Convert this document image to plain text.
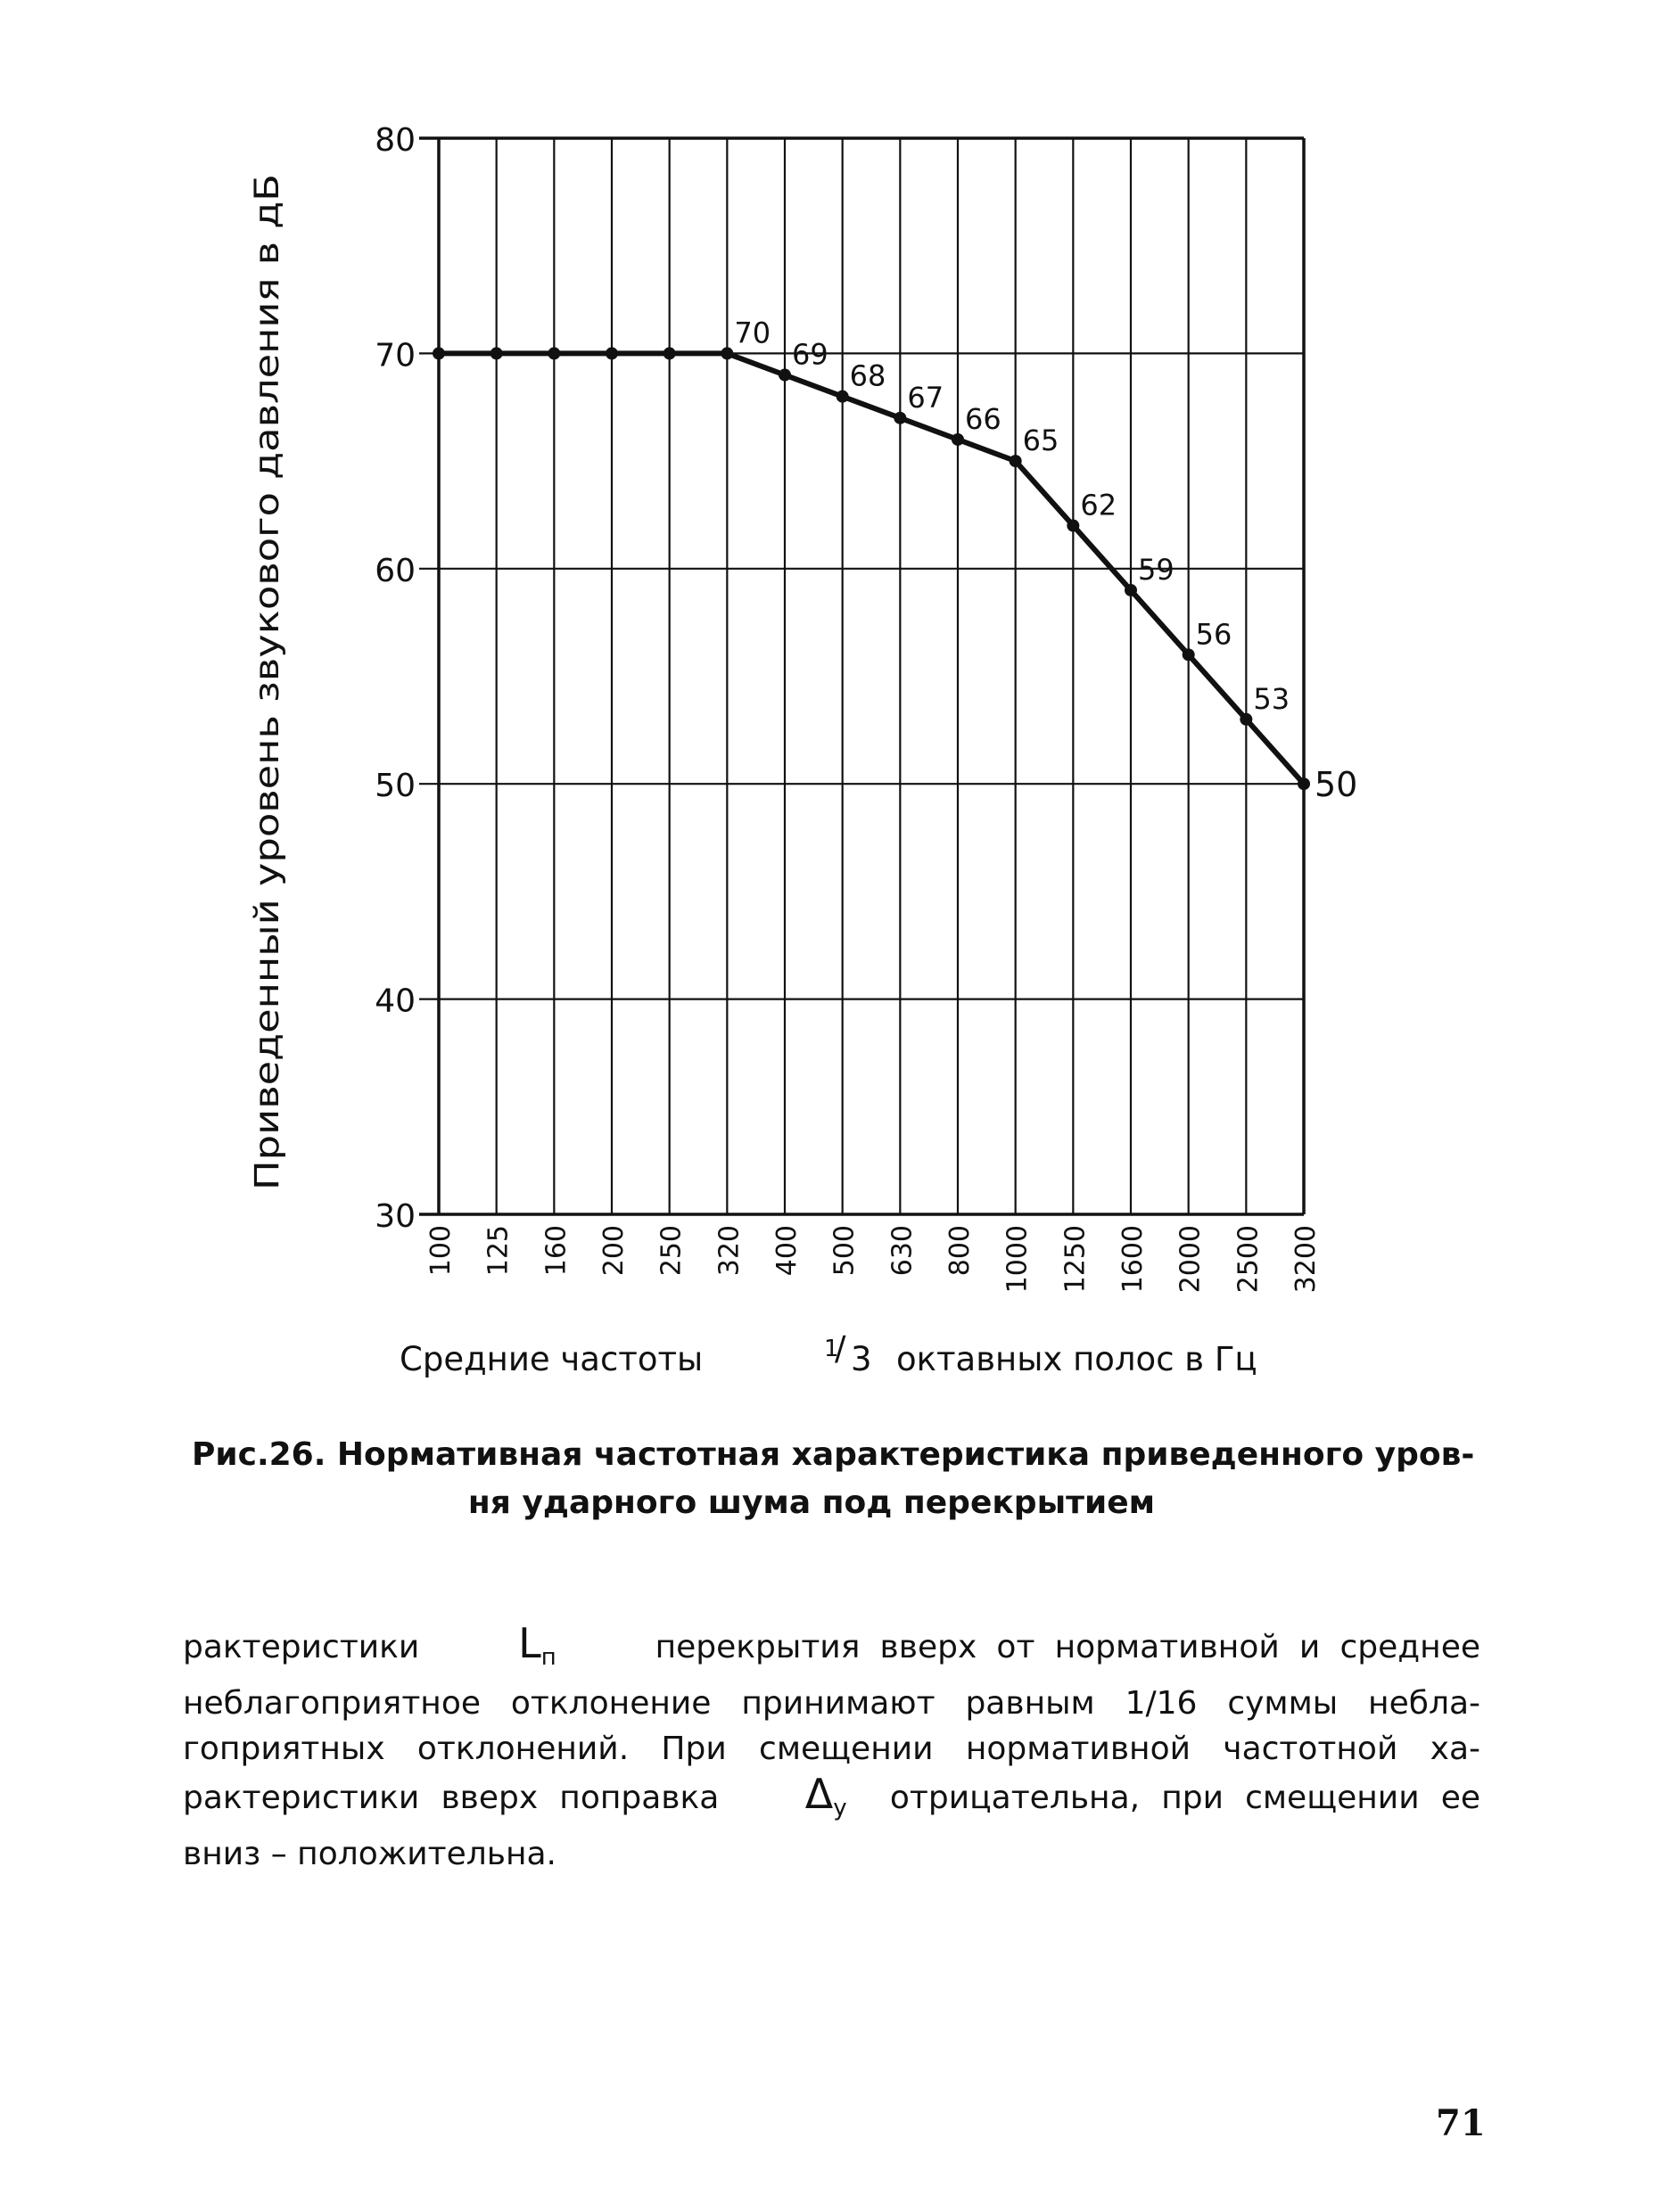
30
40
50
60
70
80
100 125 160 200 250 320 400 500 630 800 1000 1250 1600 2000 2500 3200
70
69
68
67
66
65
62
59
56
53
50
Приведенный уровень звукового давления в дБ
Средние частоты	1 / 3 октавных полос в Гц
Рис.26. Нормативная частотная характеристика приведенного уров-
ня ударного шума под перекрытием
рактеристики $L_п$	перекрытия вверх от нормативной и среднее
неблагоприятное отклонение принимают равным 1/16 суммы небла-
гоприятных отклонений. При смещении нормативной частотной ха-
рактеристики вверх поправка $\Delta_у$ отрицательна, при смещении ее
вниз – положительна.
71
